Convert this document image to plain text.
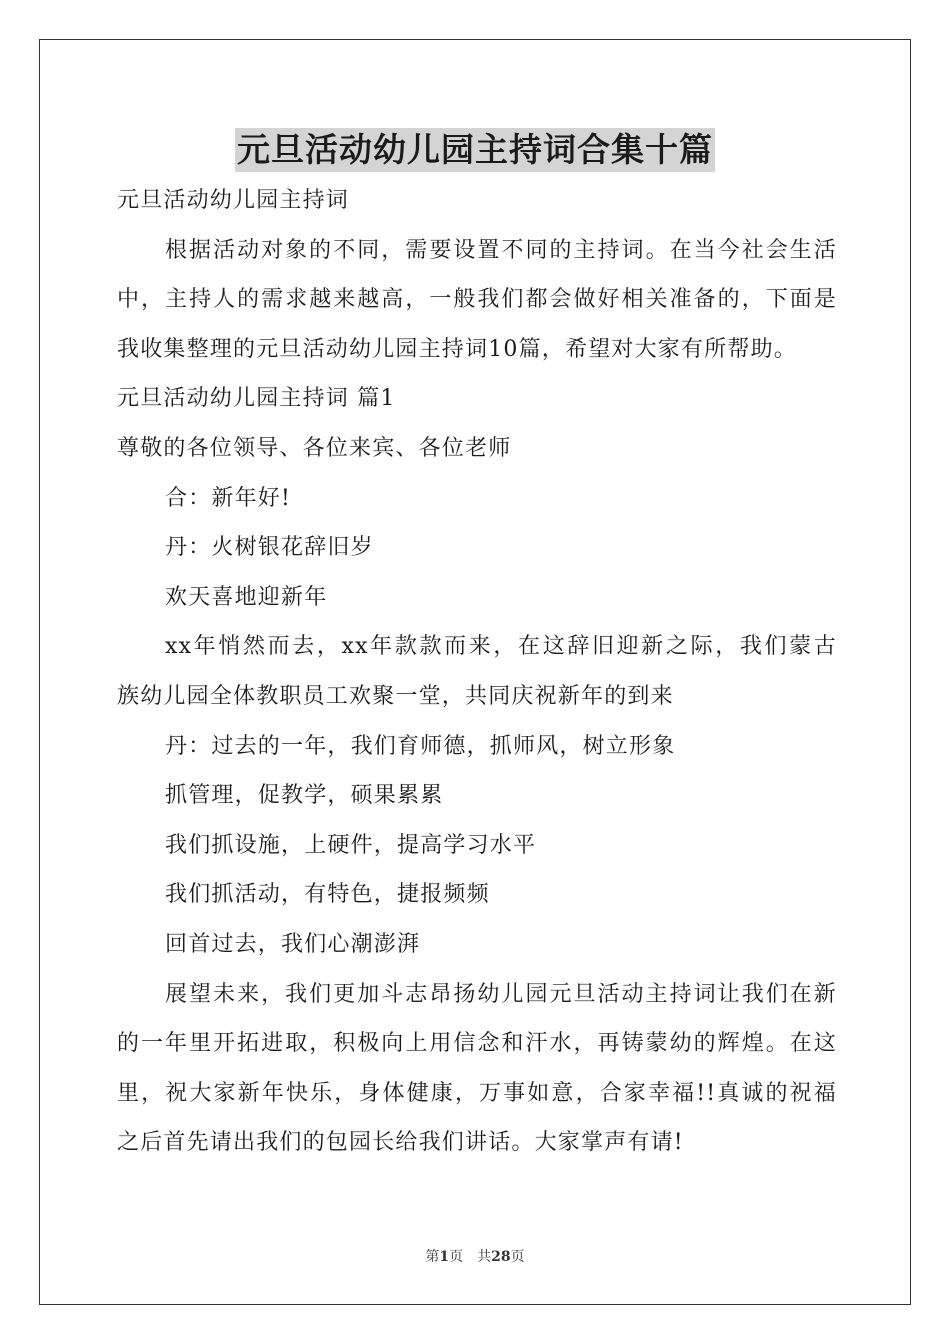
元旦活动幼儿园主持词合集十篇
元旦活动幼儿园主持词
根据活动对象的不同，需要设置不同的主持词。在当今社会生活
中，主持人的需求越来越高，一般我们都会做好相关准备的，下面是
我收集整理的元旦活动幼儿园主持词10篇，希望对大家有所帮助。
元旦活动幼儿园主持词 篇1
尊敬的各位领导、各位来宾、各位老师
合：新年好!
丹：火树银花辞旧岁
欢天喜地迎新年
xx年悄然而去，xx年款款而来，在这辞旧迎新之际，我们蒙古
族幼儿园全体教职员工欢聚一堂，共同庆祝新年的到来
丹：过去的一年，我们育师德，抓师风，树立形象
抓管理，促教学，硕果累累
我们抓设施，上硬件，提高学习水平
我们抓活动，有特色，捷报频频
回首过去，我们心潮澎湃
展望未来，我们更加斗志昂扬幼儿园元旦活动主持词让我们在新
的一年里开拓进取，积极向上用信念和汗水，再铸蒙幼的辉煌。在这
里，祝大家新年快乐，身体健康，万事如意，合家幸福!!真诚的祝福
之后首先请出我们的包园长给我们讲话。大家掌声有请!
第1页　共28页
